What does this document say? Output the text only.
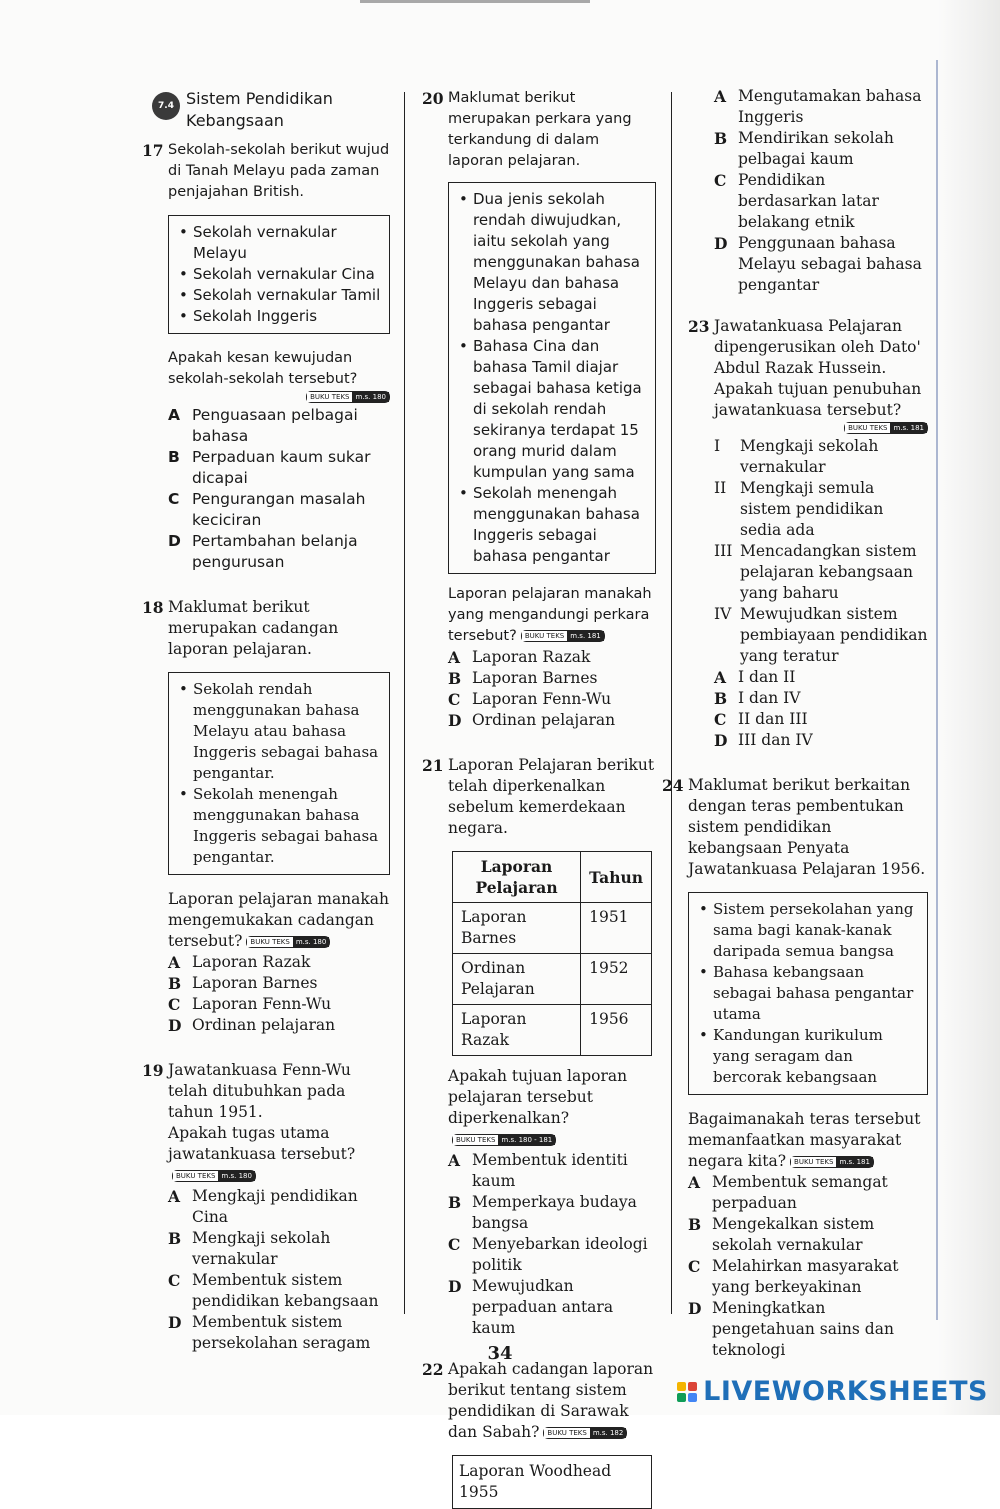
7.4 Sistem Pendidikan
Kebangsaan
17 Sekolah-sekolah berikut wujud di Tanah Melayu pada zaman penjajahan British.
• Sekolah vernakular Melayu
• Sekolah vernakular Cina
• Sekolah vernakular Tamil
• Sekolah Inggeris
Apakah kesan kewujudan sekolah-sekolah tersebut?
BUKU TEKS m.s. 180
A Penguasaan pelbagai bahasa
B Perpaduan kaum sukar dicapai
C Pengurangan masalah keciciran
D Pertambahan belanja pengurusan
18 Maklumat berikut merupakan cadangan laporan pelajaran.
• Sekolah rendah menggunakan bahasa Melayu atau bahasa Inggeris sebagai bahasa pengantar.
• Sekolah menengah menggunakan bahasa Inggeris sebagai bahasa pengantar.
Laporan pelajaran manakah mengemukakan cadangan tersebut?	BUKU TEKS m.s. 180
A Laporan Razak
B Laporan Barnes
C Laporan Fenn-Wu
D Ordinan pelajaran
19 Jawatankuasa Fenn-Wu telah ditubuhkan pada tahun 1951.
Apakah tugas utama jawatankuasa tersebut?
BUKU TEKS m.s. 180
A Mengkaji pendidikan Cina
B Mengkaji sekolah vernakular
C Membentuk sistem pendidikan kebangsaan
D Membentuk sistem persekolahan seragam
20 Maklumat berikut merupakan perkara yang terkandung di dalam laporan pelajaran.
• Dua jenis sekolah rendah diwujudkan, iaitu sekolah yang menggunakan bahasa Melayu dan bahasa Inggeris sebagai bahasa pengantar
• Bahasa Cina dan bahasa Tamil diajar sebagai bahasa ketiga di sekolah rendah sekiranya terdapat 15 orang murid dalam kumpulan yang sama
• Sekolah menengah menggunakan bahasa Inggeris sebagai bahasa pengantar
Laporan pelajaran manakah yang mengandungi perkara tersebut?	BUKU TEKS m.s. 181
A Laporan Razak
B Laporan Barnes
C Laporan Fenn-Wu
D Ordinan pelajaran
21 Laporan Pelajaran berikut telah diperkenalkan sebelum kemerdekaan negara.
Laporan Pelajaran	Tahun
Laporan Barnes	1951
Ordinan Pelajaran	1952
Laporan Razak	1956
Apakah tujuan laporan pelajaran tersebut diperkenalkan?
BUKU TEKS m.s. 180 - 181
A Membentuk identiti kaum
B Memperkaya budaya bangsa
C Menyebarkan ideologi politik
D Mewujudkan perpaduan antara kaum
22 Apakah cadangan laporan berikut tentang sistem pendidikan di Sarawak dan Sabah?	BUKU TEKS m.s. 182
Laporan Woodhead 1955
A Mengutamakan bahasa Inggeris
B Mendirikan sekolah pelbagai kaum
C Pendidikan berdasarkan latar belakang etnik
D Penggunaan bahasa Melayu sebagai bahasa pengantar
23 Jawatankuasa Pelajaran dipengerusikan oleh Dato' Abdul Razak Hussein.
Apakah tujuan penubuhan jawatankuasa tersebut?
BUKU TEKS m.s. 181
I	Mengkaji sekolah vernakular
II Mengkaji semula sistem pendidikan sedia ada
III Mencadangkan sistem pelajaran kebangsaan yang baharu
IV Mewujudkan sistem pembiayaan pendidikan yang teratur
A I dan II
B I dan IV
C II dan III
D III dan IV
24 Maklumat berikut berkaitan dengan teras pembentukan sistem pendidikan kebangsaan Penyata Jawatankuasa Pelajaran 1956.
• Sistem persekolahan yang sama bagi kanak-kanak daripada semua bangsa
• Bahasa kebangsaan sebagai bahasa pengantar utama
• Kandungan kurikulum yang seragam dan bercorak kebangsaan
Bagaimanakah teras tersebut memanfaatkan masyarakat negara kita?	BUKU TEKS m.s. 181
A Membentuk semangat perpaduan
B Mengekalkan sistem sekolah vernakular
C Melahirkan masyarakat yang berkeyakinan
D Meningkatkan pengetahuan sains dan teknologi
34
LIVEWORKSHEETS
